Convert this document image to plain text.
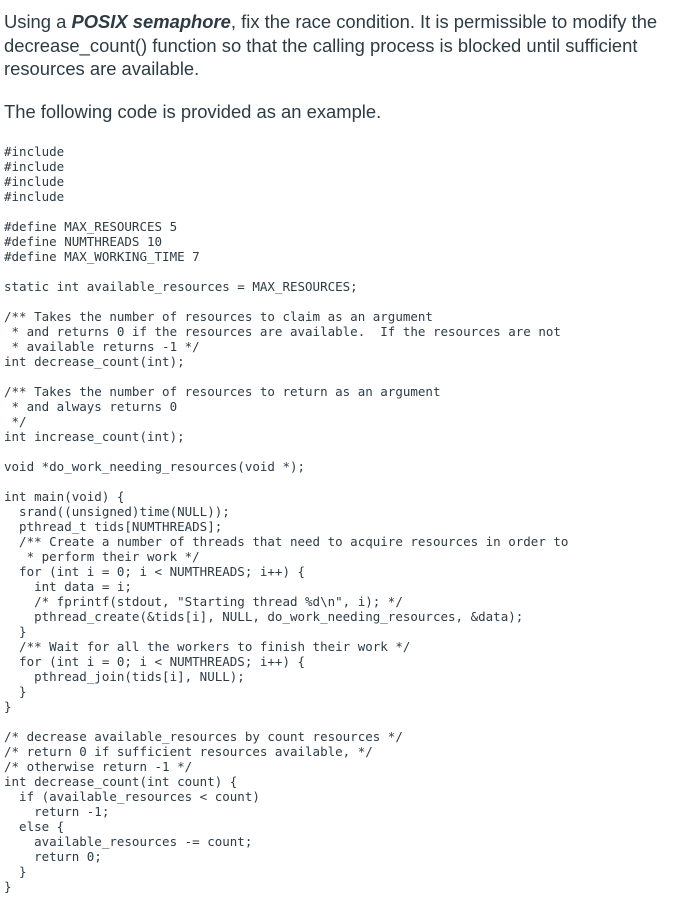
Using a POSIX semaphore, fix the race condition. It is permissible to modify the decrease_count() function so that the calling process is blocked until sufficient resources are available.

The following code is provided as an example.

#include
#include
#include
#include
#define MAX_RESOURCES 5
#define NUMTHREADS 10
#define MAX_WORKING_TIME 7
static int available_resources = MAX_RESOURCES;
/** Takes the number of resources to claim as an argument
* and returns 0 if the resources are available.  If the resources are not
* available returns -1 */
int decrease_count(int);
/** Takes the number of resources to return as an argument
* and always returns 0
*/
int increase_count(int);
void *do_work_needing_resources(void *);
int main(void) {
srand((unsigned)time(NULL));
pthread_t tids[NUMTHREADS];
/** Create a number of threads that need to acquire resources in order to
* perform their work */
for (int i = 0; i < NUMTHREADS; i++) {
int data = i;
/* fprintf(stdout, "Starting thread %d\n", i); */
pthread_create(&tids[i], NULL, do_work_needing_resources, &data);
}
/** Wait for all the workers to finish their work */
for (int i = 0; i < NUMTHREADS; i++) {
pthread_join(tids[i], NULL);
}
}
/* decrease available_resources by count resources */
/* return 0 if sufficient resources available, */
/* otherwise return -1 */
int decrease_count(int count) {
if (available_resources < count)
return -1;
else {
available_resources -= count;
return 0;
}
}
